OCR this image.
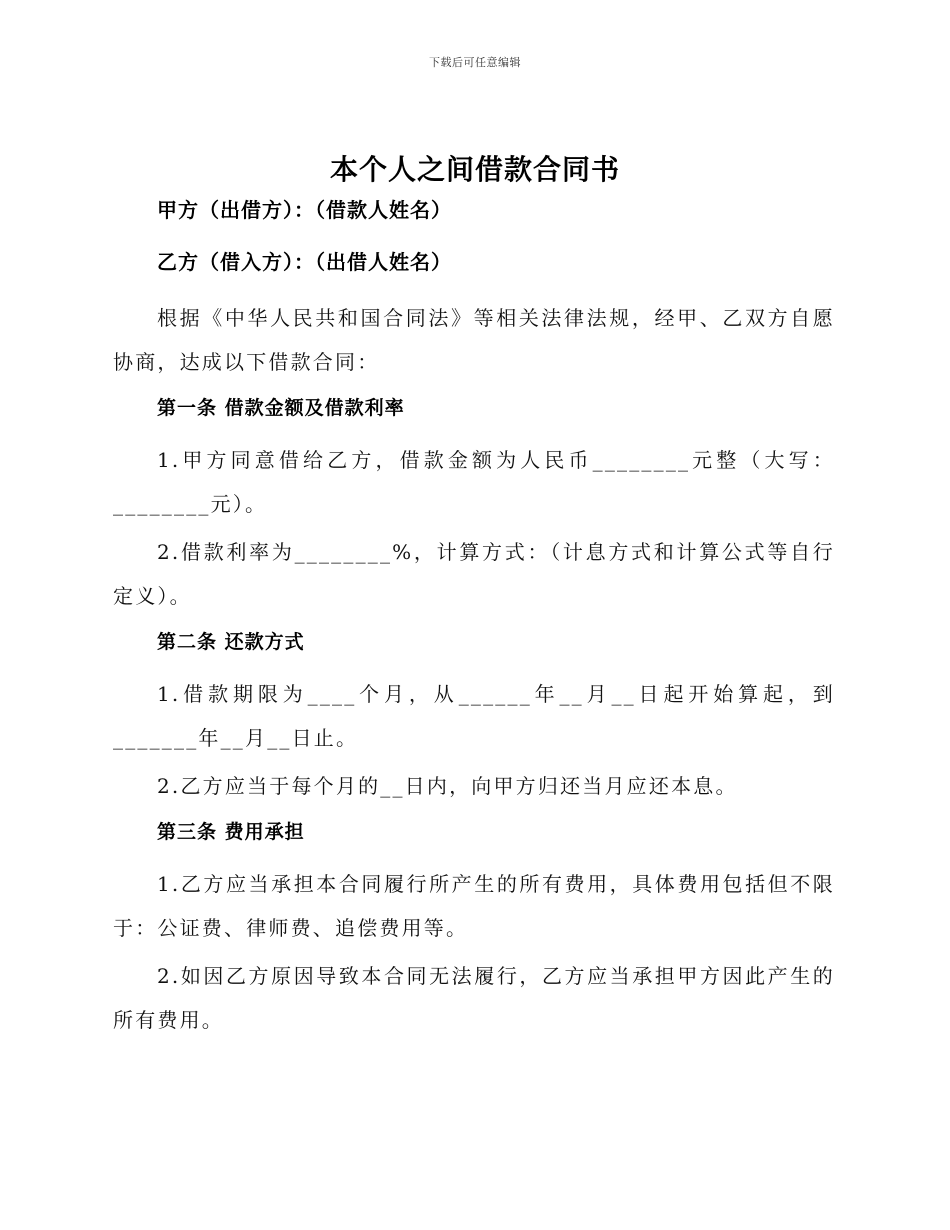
下载后可任意编辑
本个人之间借款合同书
甲方（出借方）：（借款人姓名）
乙方（借入方）：（出借人姓名）

根据《中华人民共和国合同法》等相关法律法规，经甲、乙双方自愿协商，达成以下借款合同：

第一条 借款金额及借款利率

1.甲方同意借给乙方，借款金额为人民币________元整（大写：________元）。

2.借款利率为________%，计算方式：（计息方式和计算公式等自行定义）。

第二条 还款方式

1.借款期限为____个月，从______年__月__日起开始算起，到_______年__月__日止。

2.乙方应当于每个月的__日内，向甲方归还当月应还本息。

第三条 费用承担

1.乙方应当承担本合同履行所产生的所有费用，具体费用包括但不限于：公证费、律师费、追偿费用等。

2.如因乙方原因导致本合同无法履行，乙方应当承担甲方因此产生的所有费用。
